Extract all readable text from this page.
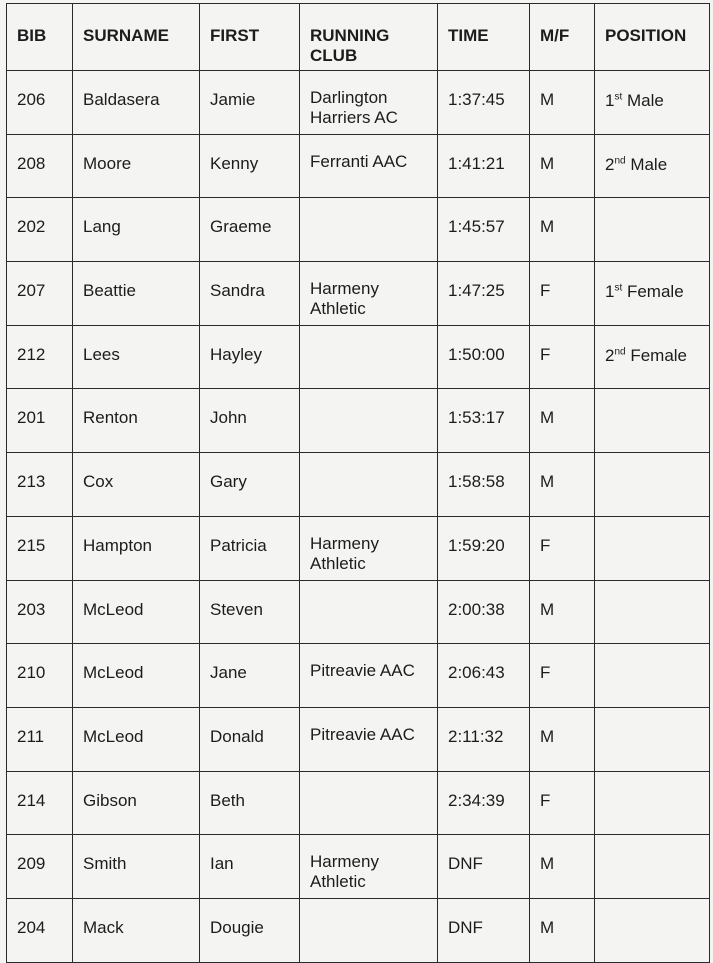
BIB	SURNAME	FIRST	RUNNING CLUB	TIME	M/F	POSITION

206	Baldasera	Jamie	Darlington Harriers AC	1:37:45	M	1st Male

208	Moore	Kenny	Ferranti AAC	1:41:21	M	2nd Male

202	Lang	Graeme		1:45:57	M	

207	Beattie	Sandra	Harmeny Athletic	1:47:25	F	1st Female

212	Lees	Hayley		1:50:00	F	2nd Female

201	Renton	John		1:53:17	M	

213	Cox	Gary		1:58:58	M	

215	Hampton	Patricia	Harmeny Athletic	1:59:20	F	

203	McLeod	Steven		2:00:38	M	

210	McLeod	Jane	Pitreavie AAC	2:06:43	F	

211	McLeod	Donald	Pitreavie AAC	2:11:32	M	

214	Gibson	Beth		2:34:39	F	

209	Smith	Ian	Harmeny Athletic	DNF	M	

204	Mack	Dougie		DNF	M	
